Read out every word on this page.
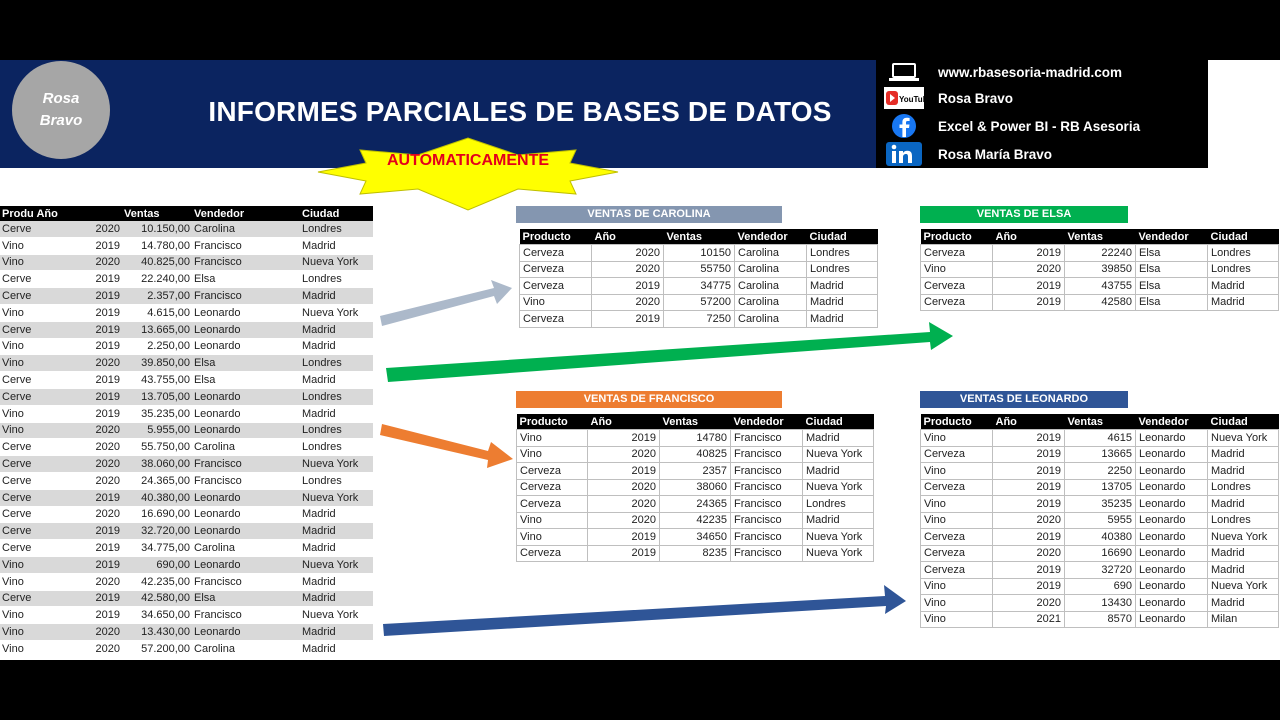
Rosa
Bravo	INFORMES PARCIALES DE BASES DE DATOS
AUTOMATICAMENTE
www.rbasesoria-madrid.com
YouTube Rosa Bravo
Excel & Power BI - RB Asesoria
Rosa María Bravo
Produ Año		Ventas	Vendedor	Ciudad
Cerve	2020	10.150,00	Carolina	Londres
Vino	2019	14.780,00	Francisco	Madrid
Vino	2020	40.825,00	Francisco	Nueva York
Cerve	2019	22.240,00	Elsa	Londres
Cerve	2019	2.357,00	Francisco	Madrid
Vino	2019	4.615,00	Leonardo	Nueva York
Cerve	2019	13.665,00	Leonardo	Madrid
Vino	2019	2.250,00	Leonardo	Madrid
Vino	2020	39.850,00	Elsa	Londres
Cerve	2019	43.755,00	Elsa	Madrid
Cerve	2019	13.705,00	Leonardo	Londres
Vino	2019	35.235,00	Leonardo	Madrid
Vino	2020	5.955,00	Leonardo	Londres
Cerve	2020	55.750,00	Carolina	Londres
Cerve	2020	38.060,00	Francisco	Nueva York
Cerve	2020	24.365,00	Francisco	Londres
Cerve	2019	40.380,00	Leonardo	Nueva York
Cerve	2020	16.690,00	Leonardo	Madrid
Cerve	2019	32.720,00	Leonardo	Madrid
Cerve	2019	34.775,00	Carolina	Madrid
Vino	2019	690,00	Leonardo	Nueva York
Vino	2020	42.235,00	Francisco	Madrid
Cerve	2019	42.580,00	Elsa	Madrid
Vino	2019	34.650,00	Francisco	Nueva York
Vino	2020	13.430,00	Leonardo	Madrid
Vino	2020	57.200,00	Carolina	Madrid
VENTAS DE CAROLINA
Producto	Año	Ventas	Vendedor	Ciudad
Cerveza	2020	10150	Carolina	Londres
Cerveza	2020	55750	Carolina	Londres
Cerveza	2019	34775	Carolina	Madrid
Vino	2020	57200	Carolina	Madrid
Cerveza	2019	7250	Carolina	Madrid
VENTAS DE ELSA
Producto	Año	Ventas	Vendedor	Ciudad
Cerveza	2019	22240	Elsa	Londres
Vino	2020	39850	Elsa	Londres
Cerveza	2019	43755	Elsa	Madrid
Cerveza	2019	42580	Elsa	Madrid
VENTAS DE FRANCISCO
Producto	Año	Ventas	Vendedor	Ciudad
Vino	2019	14780	Francisco	Madrid
Vino	2020	40825	Francisco	Nueva York
Cerveza	2019	2357	Francisco	Madrid
Cerveza	2020	38060	Francisco	Nueva York
Cerveza	2020	24365	Francisco	Londres
Vino	2020	42235	Francisco	Madrid
Vino	2019	34650	Francisco	Nueva York
Cerveza	2019	8235	Francisco	Nueva York
VENTAS DE LEONARDO
Producto	Año	Ventas	Vendedor	Ciudad
Vino	2019	4615	Leonardo	Nueva York
Cerveza	2019	13665	Leonardo	Madrid
Vino	2019	2250	Leonardo	Madrid
Cerveza	2019	13705	Leonardo	Londres
Vino	2019	35235	Leonardo	Madrid
Vino	2020	5955	Leonardo	Londres
Cerveza	2019	40380	Leonardo	Nueva York
Cerveza	2020	16690	Leonardo	Madrid
Cerveza	2019	32720	Leonardo	Madrid
Vino	2019	690	Leonardo	Nueva York
Vino	2020	13430	Leonardo	Madrid
Vino	2021	8570	Leonardo	Milan
